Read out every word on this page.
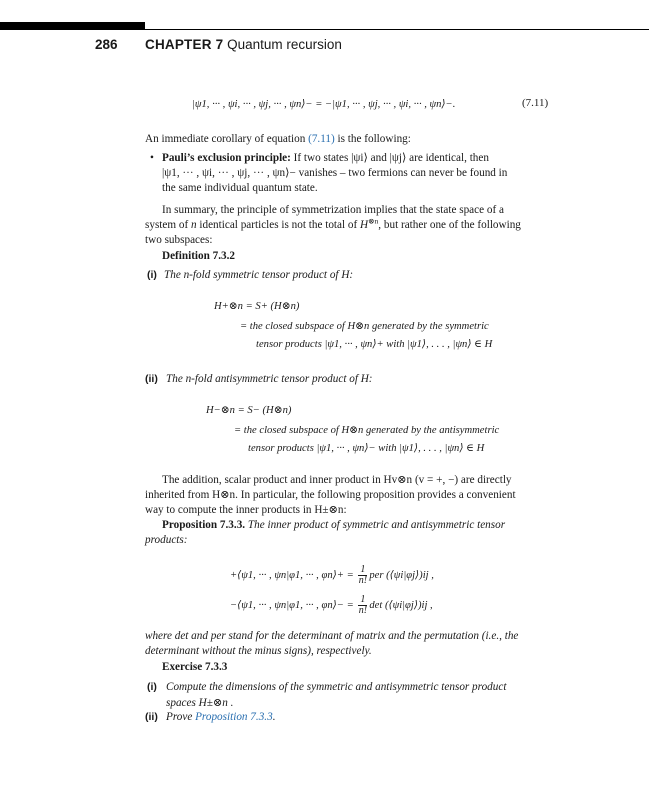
286 CHAPTER 7 Quantum recursion
|ψ1, ··· , ψi, ··· , ψj, ··· , ψn⟩− = −|ψ1, ··· , ψj, ··· , ψi, ··· , ψn⟩−.	(7.11)
An immediate corollary of equation (7.11) is the following:
• Pauli’s exclusion principle: If two states |ψi⟩ and |ψj⟩ are identical, then
|ψ1, ··· , ψi, ··· , ψj, ··· , ψn⟩− vanishes – two fermions can never be found in
the same individual quantum state.
In summary, the principle of symmetrization implies that the state space of a
system of n identical particles is not the total of $H^{\otimes n}$, but rather one of the following
two subspaces:
Definition 7.3.2
(i) The n-fold symmetric tensor product of H:
H+⊗n = S+ (H⊗n)
= the closed subspace of H⊗n generated by the symmetric
tensor products |ψ1, ··· , ψn⟩+ with |ψ1⟩, . . . , |ψn⟩ ∈ H
(ii) The n-fold antisymmetric tensor product of H:
H−⊗n = S− (H⊗n)
= the closed subspace of H⊗n generated by the antisymmetric
tensor products |ψ1, ··· , ψn⟩− with |ψ1⟩, . . . , |ψn⟩ ∈ H
The addition, scalar product and inner product in Hv⊗n (v = +, −) are directly
inherited from H⊗n. In particular, the following proposition provides a convenient
way to compute the inner products in H±⊗n:
Proposition 7.3.3. The inner product of symmetric and antisymmetric tensor
products:
+⟨ψ1, ··· , ψn|φ1, ··· , φn⟩+ = $\frac{1}{n!}$ per (⟨ψi|φj⟩)ij ,
−⟨ψ1, ··· , ψn|φ1, ··· , φn⟩− = $\frac{1}{n!}$ det (⟨ψi|φj⟩)ij ,
where det and per stand for the determinant of matrix and the permutation (i.e., the
determinant without the minus signs), respectively.
Exercise 7.3.3
(i) Compute the dimensions of the symmetric and antisymmetric tensor product
spaces H±⊗n .
(ii) Prove Proposition 7.3.3.
